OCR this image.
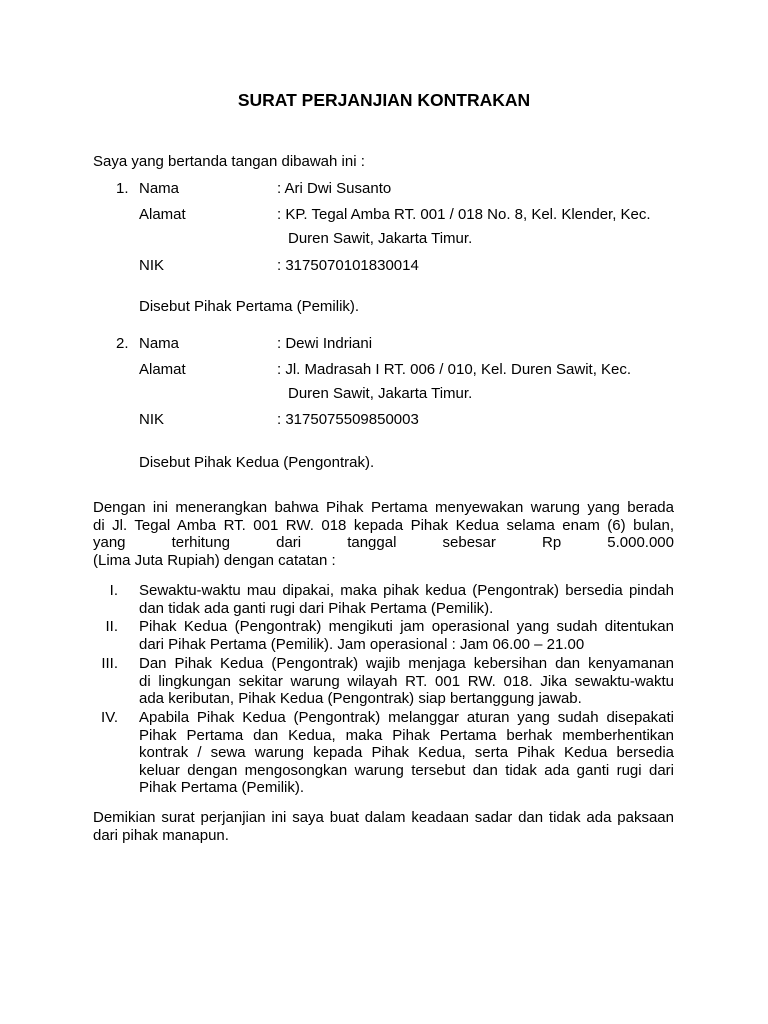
SURAT PERJANJIAN KONTRAKAN
Saya yang bertanda tangan dibawah ini :
1. Nama	: Ari Dwi Susanto
Alamat	: KP. Tegal Amba RT. 001 / 018 No. 8, Kel. Klender, Kec.
Duren Sawit, Jakarta Timur.
NIK	: 3175070101830014
Disebut Pihak Pertama (Pemilik).
2. Nama	: Dewi Indriani
Alamat	: Jl. Madrasah I RT. 006 / 010, Kel. Duren Sawit, Kec.
Duren Sawit, Jakarta Timur.
NIK	: 3175075509850003
Disebut Pihak Kedua (Pengontrak).
Dengan ini menerangkan bahwa Pihak Pertama menyewakan warung yang berada
di Jl. Tegal Amba RT. 001 RW. 018 kepada Pihak Kedua selama enam (6) bulan,
yang terhitung dari tanggal	sebesar Rp 5.000.000
(Lima Juta Rupiah) dengan catatan :
I. Sewaktu-waktu mau dipakai, maka pihak kedua (Pengontrak) bersedia pindah
dan tidak ada ganti rugi dari Pihak Pertama (Pemilik).
II. Pihak Kedua (Pengontrak) mengikuti jam operasional yang sudah ditentukan
dari Pihak Pertama (Pemilik). Jam operasional : Jam 06.00 – 21.00
III. Dan Pihak Kedua (Pengontrak) wajib menjaga kebersihan dan kenyamanan
di lingkungan sekitar warung wilayah RT. 001 RW. 018. Jika sewaktu-waktu
ada keributan, Pihak Kedua (Pengontrak) siap bertanggung jawab.
IV. Apabila Pihak Kedua (Pengontrak) melanggar aturan yang sudah disepakati
Pihak Pertama dan Kedua, maka Pihak Pertama berhak memberhentikan
kontrak / sewa warung kepada Pihak Kedua, serta Pihak Kedua bersedia
keluar dengan mengosongkan warung tersebut dan tidak ada ganti rugi dari
Pihak Pertama (Pemilik).
Demikian surat perjanjian ini saya buat dalam keadaan sadar dan tidak ada paksaan
dari pihak manapun.
